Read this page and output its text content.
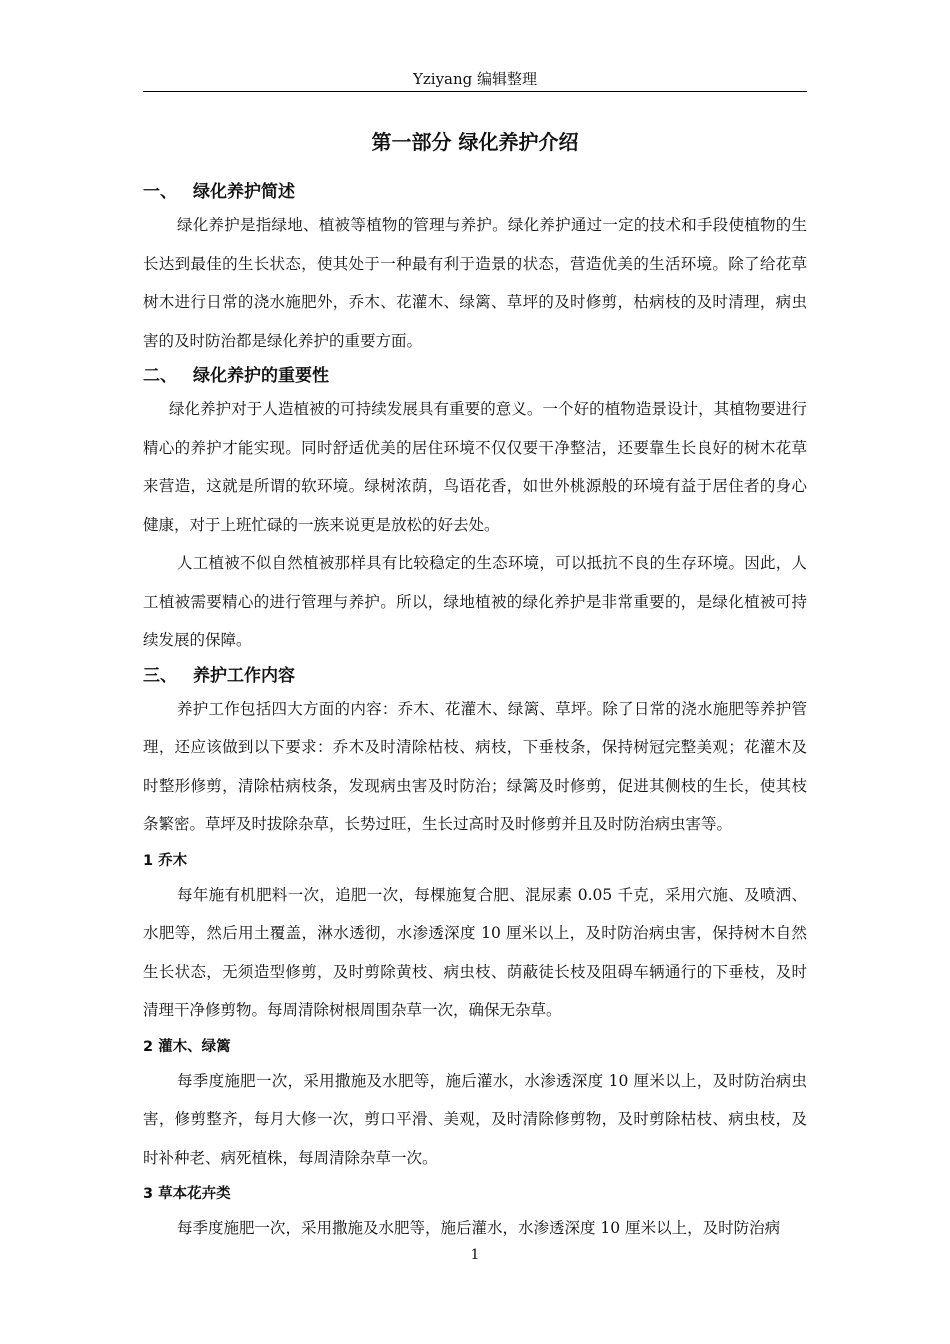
Yziyang 编辑整理
第一部分 绿化养护介绍
一、 绿化养护简述

绿化养护是指绿地、植被等植物的管理与养护。绿化养护通过一定的技术和手段使植物的生长达到最佳的生长状态，使其处于一种最有利于造景的状态，营造优美的生活环境。除了给花草树木进行日常的浇水施肥外，乔木、花灌木、绿篱、草坪的及时修剪，枯病枝的及时清理，病虫害的及时防治都是绿化养护的重要方面。

二、 绿化养护的重要性

绿化养护对于人造植被的可持续发展具有重要的意义。一个好的植物造景设计，其植物要进行精心的养护才能实现。同时舒适优美的居住环境不仅仅要干净整洁，还要靠生长良好的树木花草来营造，这就是所谓的软环境。绿树浓荫，鸟语花香，如世外桃源般的环境有益于居住者的身心健康，对于上班忙碌的一族来说更是放松的好去处。

人工植被不似自然植被那样具有比较稳定的生态环境，可以抵抗不良的生存环境。因此，人工植被需要精心的进行管理与养护。所以，绿地植被的绿化养护是非常重要的，是绿化植被可持续发展的保障。

三、 养护工作内容

养护工作包括四大方面的内容：乔木、花灌木、绿篱、草坪。除了日常的浇水施肥等养护管理，还应该做到以下要求：乔木及时清除枯枝、病枝，下垂枝条，保持树冠完整美观；花灌木及时整形修剪，清除枯病枝条，发现病虫害及时防治；绿篱及时修剪，促进其侧枝的生长，使其枝条繁密。草坪及时拔除杂草，长势过旺，生长过高时及时修剪并且及时防治病虫害等。

1 乔木

每年施有机肥料一次，追肥一次，每棵施复合肥、混尿素 0.05 千克，采用穴施、及喷洒、水肥等，然后用土覆盖，淋水透彻，水渗透深度 10 厘米以上，及时防治病虫害，保持树木自然生长状态，无须造型修剪，及时剪除黄枝、病虫枝、荫蔽徒长枝及阻碍车辆通行的下垂枝，及时清理干净修剪物。每周清除树根周围杂草一次，确保无杂草。

2 灌木、绿篱

每季度施肥一次，采用撒施及水肥等，施后灌水，水渗透深度 10 厘米以上，及时防治病虫害，修剪整齐，每月大修一次，剪口平滑、美观，及时清除修剪物，及时剪除枯枝、病虫枝，及时补种老、病死植株，每周清除杂草一次。

3 草本花卉类

每季度施肥一次，采用撒施及水肥等，施后灌水，水渗透深度 10 厘米以上，及时防治病

1
